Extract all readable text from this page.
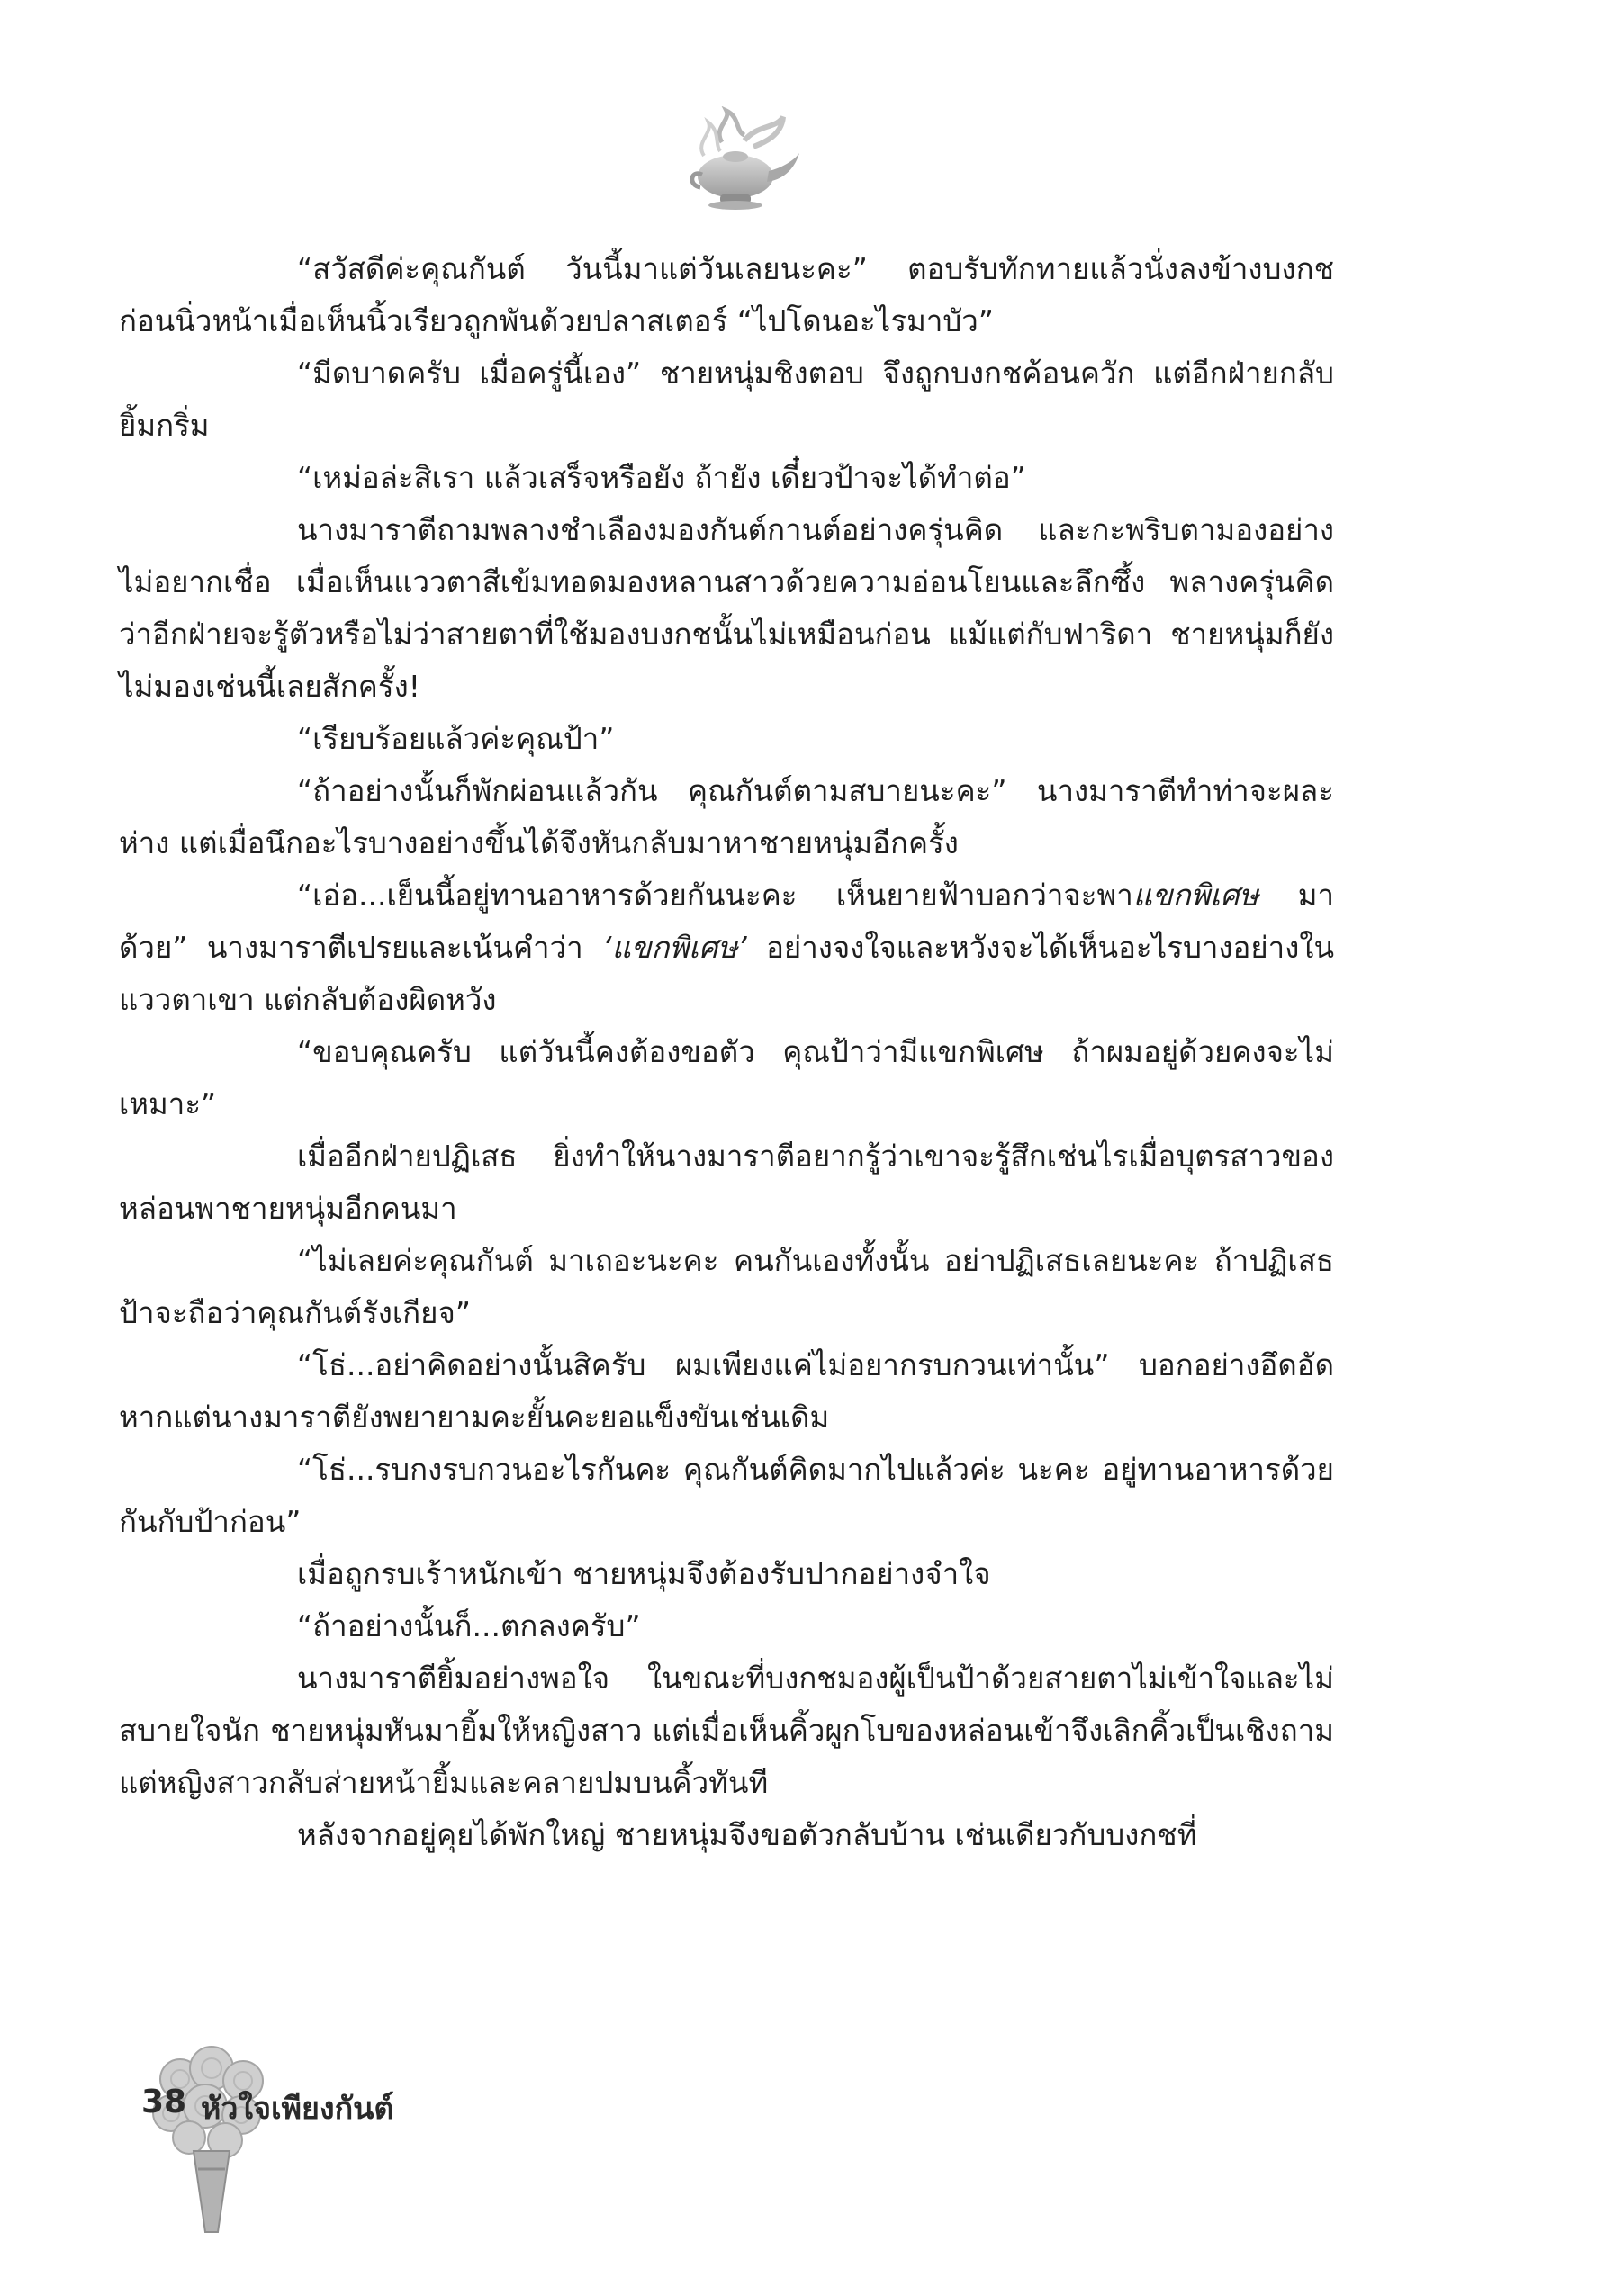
“สวัสดีค่ะคุณกันต์ วันนี้มาแต่วันเลยนะคะ” ตอบรับทักทายแล้วนั่งลงข้างบงกช ก่อนนิ่วหน้าเมื่อเห็นนิ้วเรียวถูกพันด้วยปลาสเตอร์ “ไปโดนอะไรมาบัว”

“มีดบาดครับ เมื่อครู่นี้เอง” ชายหนุ่มชิงตอบ จึงถูกบงกชค้อนควัก แต่อีกฝ่ายกลับยิ้มกริ่ม

“เหม่อล่ะสิเรา แล้วเสร็จหรือยัง ถ้ายัง เดี๋ยวป้าจะได้ทำต่อ”

นางมาราตีถามพลางชำเลืองมองกันต์กานต์อย่างครุ่นคิด และกะพริบตามองอย่างไม่อยากเชื่อ เมื่อเห็นแววตาสีเข้มทอดมองหลานสาวด้วยความอ่อนโยนและลึกซึ้ง พลางครุ่นคิดว่าอีกฝ่ายจะรู้ตัวหรือไม่ว่าสายตาที่ใช้มองบงกชนั้นไม่เหมือนก่อน แม้แต่กับฟาริดา ชายหนุ่มก็ยังไม่มองเช่นนี้เลยสักครั้ง!

“เรียบร้อยแล้วค่ะคุณป้า”

“ถ้าอย่างนั้นก็พักผ่อนแล้วกัน คุณกันต์ตามสบายนะคะ” นางมาราตีทำท่าจะผละห่าง แต่เมื่อนึกอะไรบางอย่างขึ้นได้จึงหันกลับมาหาชายหนุ่มอีกครั้ง

“เอ่อ...เย็นนี้อยู่ทานอาหารด้วยกันนะคะ เห็นยายฟ้าบอกว่าจะพาแขกพิเศษ มาด้วย” นางมาราตีเปรยและเน้นคำว่า ‘แขกพิเศษ’ อย่างจงใจและหวังจะได้เห็นอะไรบางอย่างในแววตาเขา แต่กลับต้องผิดหวัง

“ขอบคุณครับ แต่วันนี้คงต้องขอตัว คุณป้าว่ามีแขกพิเศษ ถ้าผมอยู่ด้วยคงจะไม่เหมาะ”

เมื่ออีกฝ่ายปฏิเสธ ยิ่งทำให้นางมาราตีอยากรู้ว่าเขาจะรู้สึกเช่นไรเมื่อบุตรสาวของหล่อนพาชายหนุ่มอีกคนมา

“ไม่เลยค่ะคุณกันต์ มาเถอะนะคะ คนกันเองทั้งนั้น อย่าปฏิเสธเลยนะคะ ถ้าปฏิเสธ ป้าจะถือว่าคุณกันต์รังเกียจ”

“โธ่...อย่าคิดอย่างนั้นสิครับ ผมเพียงแค่ไม่อยากรบกวนเท่านั้น” บอกอย่างอึดอัด หากแต่นางมาราตียังพยายามคะยั้นคะยอแข็งขันเช่นเดิม

“โธ่...รบกงรบกวนอะไรกันคะ คุณกันต์คิดมากไปแล้วค่ะ นะคะ อยู่ทานอาหารด้วยกันกับป้าก่อน”

เมื่อถูกรบเร้าหนักเข้า ชายหนุ่มจึงต้องรับปากอย่างจำใจ

“ถ้าอย่างนั้นก็...ตกลงครับ”

นางมาราตียิ้มอย่างพอใจ ในขณะที่บงกชมองผู้เป็นป้าด้วยสายตาไม่เข้าใจและไม่สบายใจนัก ชายหนุ่มหันมายิ้มให้หญิงสาว แต่เมื่อเห็นคิ้วผูกโบของหล่อนเข้าจึงเลิกคิ้วเป็นเชิงถาม แต่หญิงสาวกลับส่ายหน้ายิ้มและคลายปมบนคิ้วทันที

หลังจากอยู่คุยได้พักใหญ่ ชายหนุ่มจึงขอตัวกลับบ้าน เช่นเดียวกับบงกชที่

38 หัวใจเพียงกันต์
